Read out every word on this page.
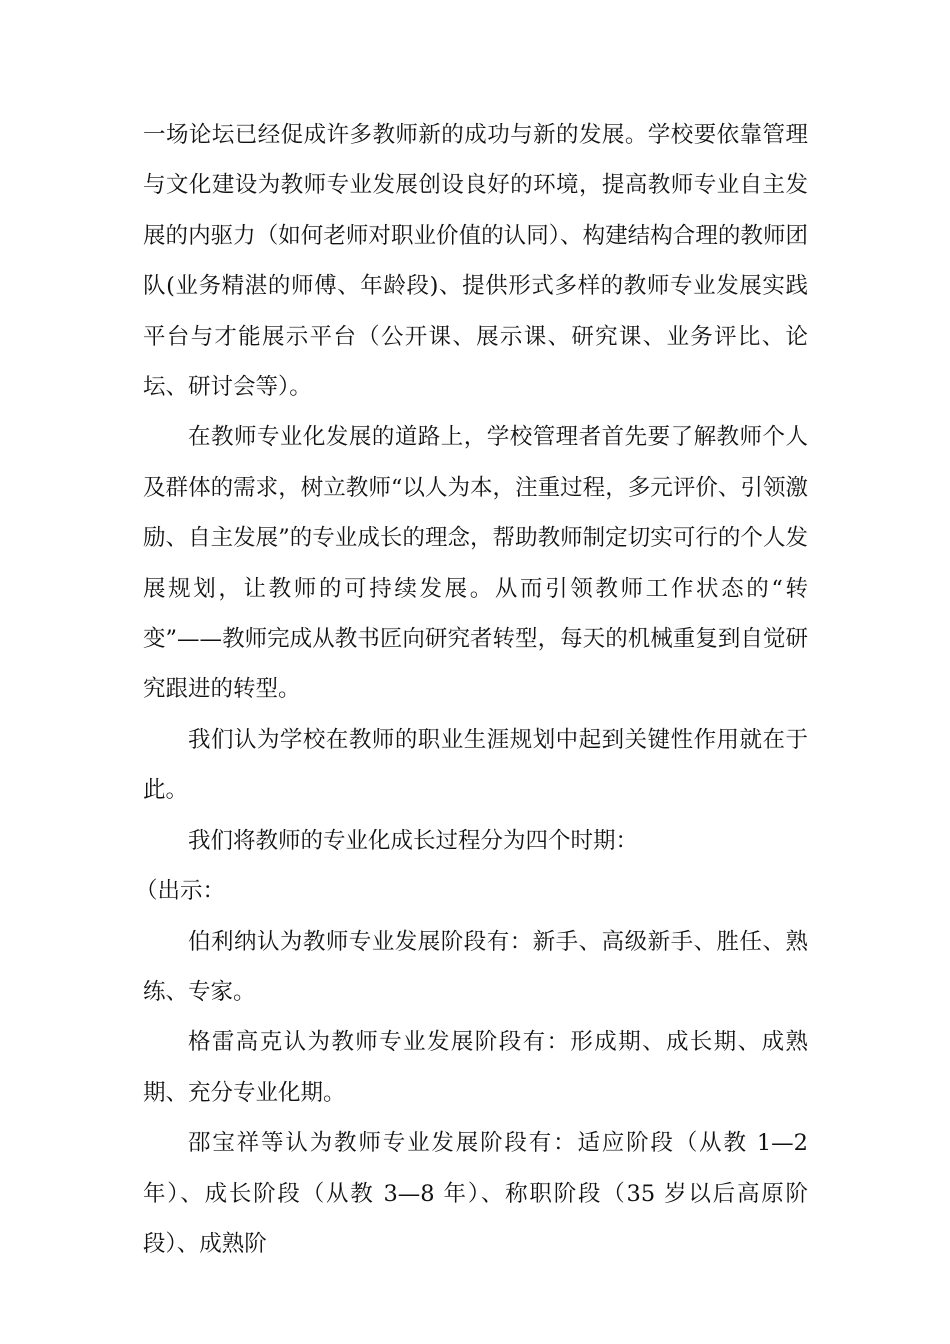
一场论坛已经促成许多教师新的成功与新的发展。学校要依靠管理与文化建设为教师专业发展创设良好的环境，提高教师专业自主发展的内驱力（如何老师对职业价值的认同）、构建结构合理的教师团队(业务精湛的师傅、年龄段)、提供形式多样的教师专业发展实践平台与才能展示平台（公开课、展示课、研究课、业务评比、论坛、研讨会等）。

在教师专业化发展的道路上，学校管理者首先要了解教师个人及群体的需求，树立教师“以人为本，注重过程，多元评价、引领激励、自主发展”的专业成长的理念，帮助教师制定切实可行的个人发展规划，让教师的可持续发展。从而引领教师工作状态的“转变”——教师完成从教书匠向研究者转型，每天的机械重复到自觉研究跟进的转型。

我们认为学校在教师的职业生涯规划中起到关键性作用就在于此。

我们将教师的专业化成长过程分为四个时期：

（出示：

伯利纳认为教师专业发展阶段有：新手、高级新手、胜任、熟练、专家。

格雷高克认为教师专业发展阶段有：形成期、成长期、成熟期、充分专业化期。

邵宝祥等认为教师专业发展阶段有：适应阶段（从教 1—2 年）、成长阶段（从教 3—8 年）、称职阶段（35 岁以后高原阶段）、成熟阶
